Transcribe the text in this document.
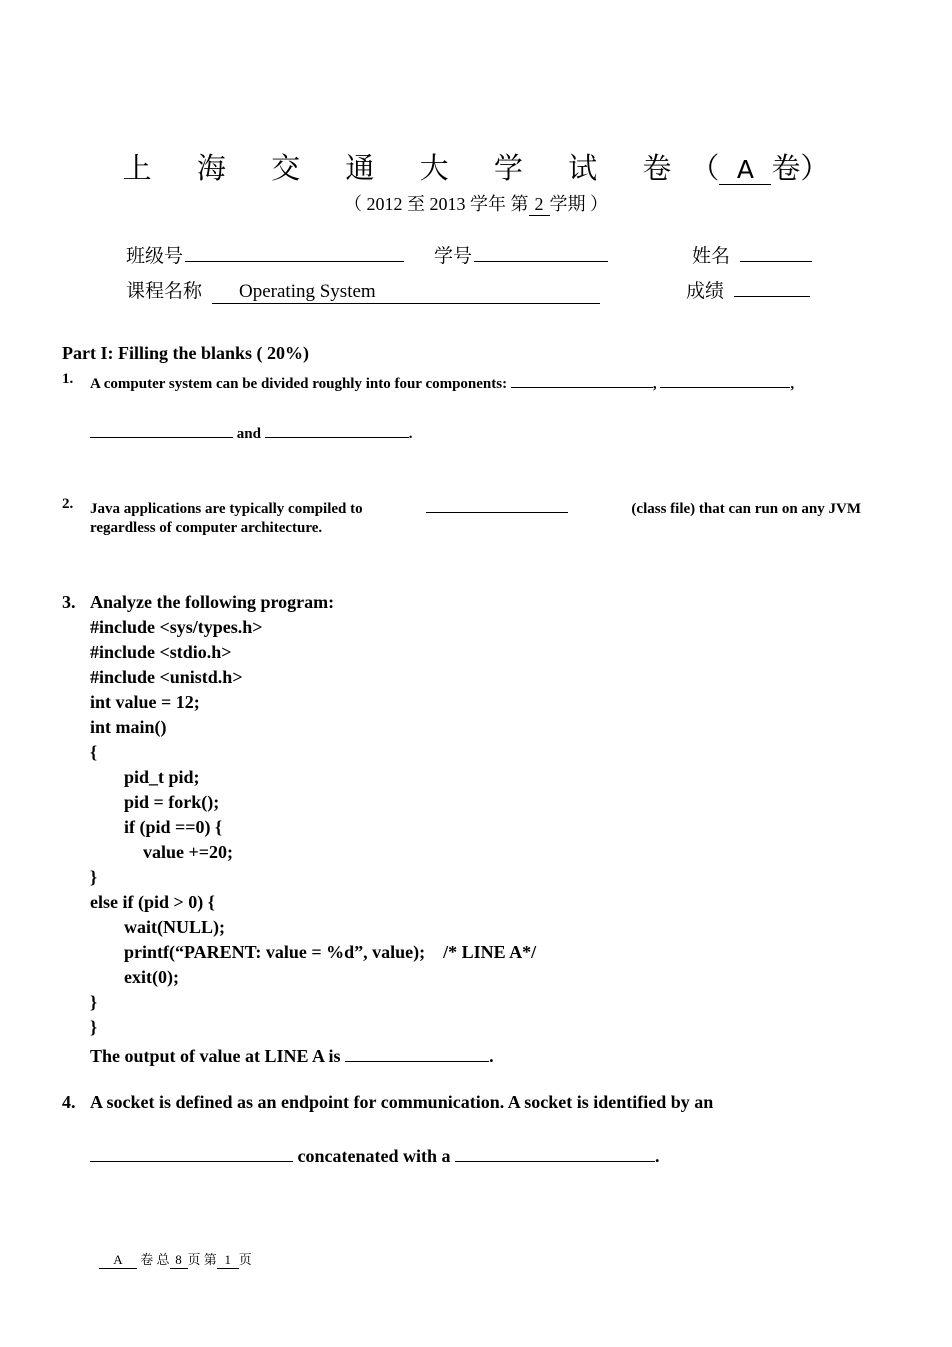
上 海 交 通 大 学 试 卷（ A 卷）
（ 2012 至 2013 学年 第 2 学期 ）
班级号	学号	姓名
课程名称 Operating System	成绩
Part I: Filling the blanks ( 20%)
1. A computer system can be divided roughly into four components:	,	,
and	.
2. Java applications are typically compiled to	(class file) that can run on any JVM
regardless of computer architecture.
3. Analyze the following program:
#include <sys/types.h>
#include <stdio.h>
#include <unistd.h>
int value = 12;
int main()
{
pid_t pid;
pid = fork();
if (pid ==0) {
value +=20;
}
else if (pid > 0) {
wait(NULL);
printf(“PARENT: value = %d”, value);    /* LINE A*/
exit(0);
}
}
The output of value at LINE A is	.
4. A socket is defined as an endpoint for communication. A socket is identified by an
concatenated with a	.
A 卷 总 8 页 第 1 页
